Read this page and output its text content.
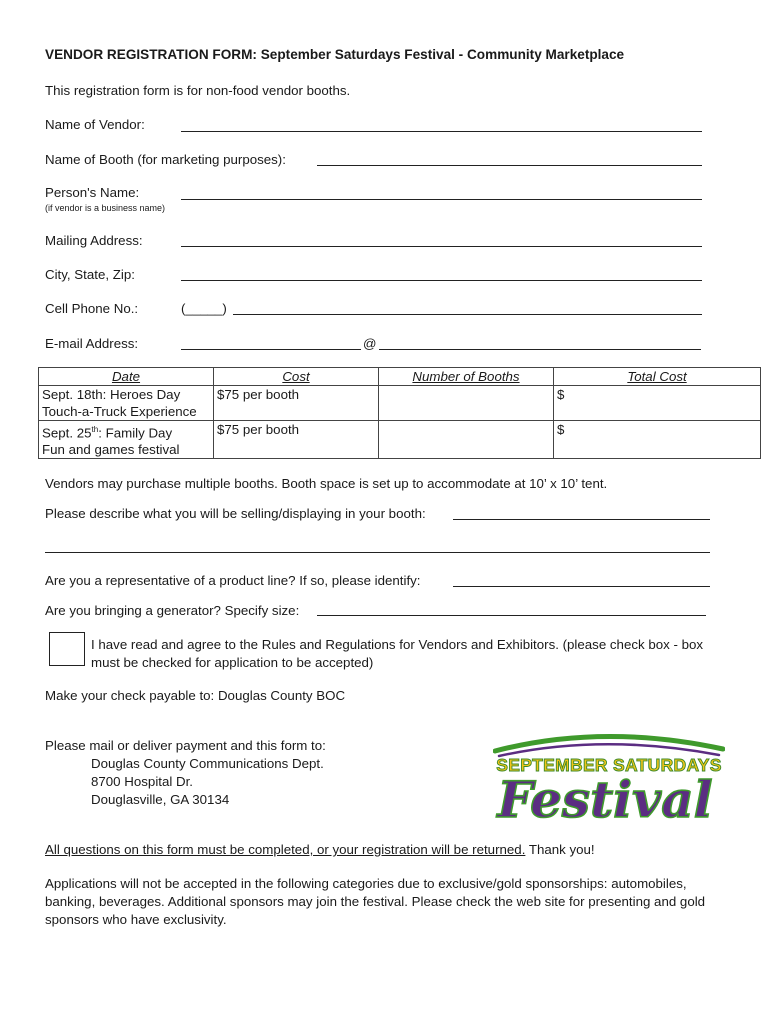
VENDOR REGISTRATION FORM: September Saturdays Festival - Community Marketplace
This registration form is for non-food vendor booths.
Name of Vendor:
Name of Booth (for marketing purposes):
Person's Name:
(if vendor is a business name)
Mailing Address:
City, State, Zip:
Cell Phone No.:	(_____)
E-mail Address:	@
Date	Cost	Number of Booths	Total Cost

Sept. 18th: Heroes Day
Touch-a-Truck Experience	$75 per booth		$

Sept. 25th: Family Day
Fun and games festival	$75 per booth		$
Vendors may purchase multiple booths. Booth space is set up to accommodate at 10’ x 10’ tent.
Please describe what you will be selling/displaying in your booth:
Are you a representative of a product line? If so, please identify:
Are you bringing a generator? Specify size:
I have read and agree to the Rules and Regulations for Vendors and Exhibitors. (please check box - box must be checked for application to be accepted)
Make your check payable to: Douglas County BOC
Please mail or deliver payment and this form to:
Douglas County Communications Dept.
8700 Hospital Dr.
Douglasville, GA 30134
SEPTEMBER SATURDAYS
Festival
All questions on this form must be completed, or your registration will be returned. Thank you!
Applications will not be accepted in the following categories due to exclusive/gold sponsorships: automobiles, banking, beverages. Additional sponsors may join the festival. Please check the web site for presenting and gold sponsors who have exclusivity.
